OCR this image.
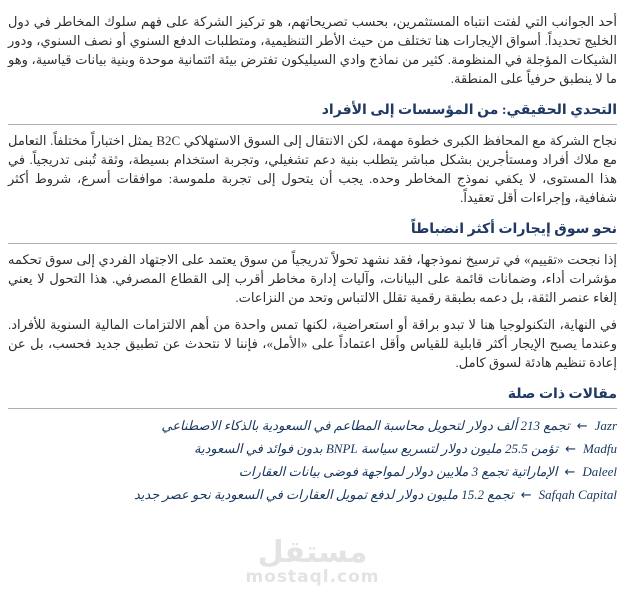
أحد الجوانب التي لفتت انتباه المستثمرين، بحسب تصريحاتهم، هو تركيز الشركة على فهم سلوك المخاطر في دول الخليج تحديداً. أسواق الإيجارات هنا تختلف من حيث الأطر التنظيمية، ومتطلبات الدفع السنوي أو نصف السنوي، ودور الشيكات المؤجلة في المنظومة. كثير من نماذج وادي السيليكون تفترض بيئة ائتمانية موحدة وبنية بيانات قياسية، وهو ما لا ينطبق حرفياً على المنطقة.

التحدي الحقيقي: من المؤسسات إلى الأفراد

نجاح الشركة مع المحافظ الكبرى خطوة مهمة، لكن الانتقال إلى السوق الاستهلاكي B2C يمثل اختباراً مختلفاً. التعامل مع ملاك أفراد ومستأجرين بشكل مباشر يتطلب بنية دعم تشغيلي، وتجربة استخدام بسيطة، وثقة تُبنى تدريجياً. في هذا المستوى، لا يكفي نموذج المخاطر وحده. يجب أن يتحول إلى تجربة ملموسة: موافقات أسرع، شروط أكثر شفافية، وإجراءات أقل تعقيداً.

نحو سوق إيجارات أكثر انضباطاً

إذا نجحت «تقييم» في ترسيخ نموذجها، فقد نشهد تحولاً تدريجياً من سوق يعتمد على الاجتهاد الفردي إلى سوق تحكمه مؤشرات أداء، وضمانات قائمة على البيانات، وآليات إدارة مخاطر أقرب إلى القطاع المصرفي. هذا التحول لا يعني إلغاء عنصر الثقة، بل دعمه بطبقة رقمية تقلل الالتباس وتحد من النزاعات.

في النهاية، التكنولوجيا هنا لا تبدو براقة أو استعراضية، لكنها تمس واحدة من أهم الالتزامات المالية السنوية للأفراد. وعندما يصبح الإيجار أكثر قابلية للقياس وأقل اعتماداً على «الأمل»، فإننا لا نتحدث عن تطبيق جديد فحسب، بل عن إعادة تنظيم هادئة لسوق كامل.

مقالات ذات صلة
Jazr←تجمع 213 ألف دولار لتحويل محاسبة المطاعم في السعودية بالذكاء الاصطناعي
Madfu←تؤمن 25.5 مليون دولار لتسريع سياسة BNPL بدون فوائد في السعودية
Daleel←الإماراتية تجمع 3 ملايين دولار لمواجهة فوضى بيانات العقارات
Safqah Capital←تجمع 15.2 مليون دولار لدفع تمويل العقارات في السعودية نحو عصر جديد
مستقل
mostaql.com
